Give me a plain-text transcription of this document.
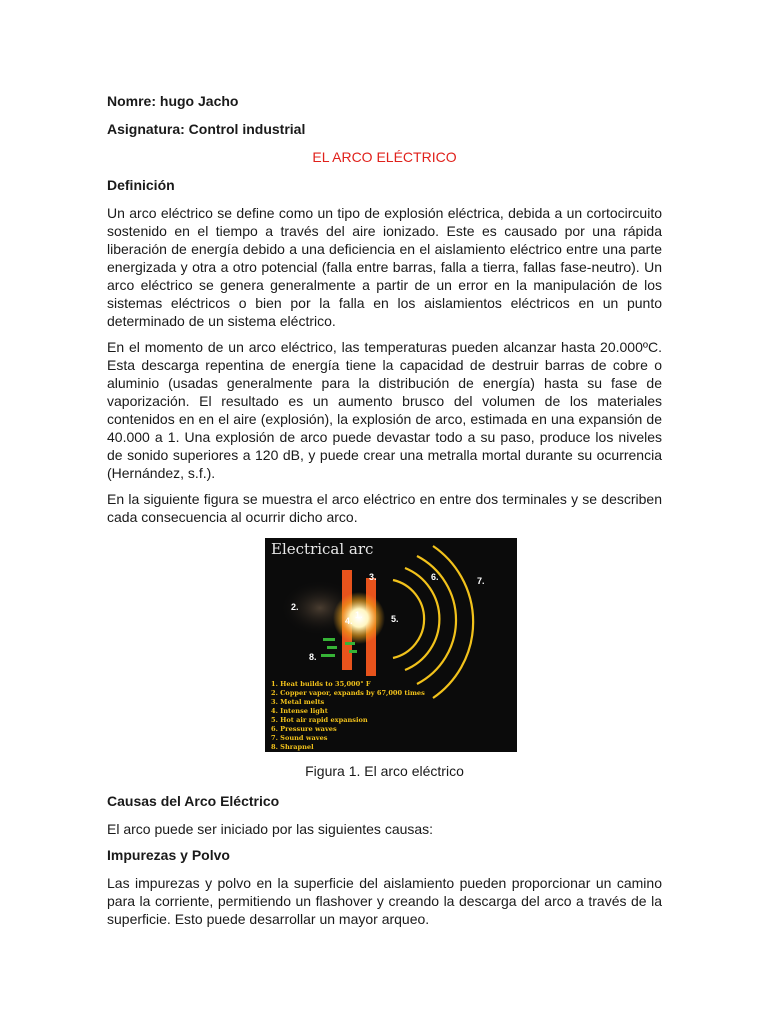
Nomre: hugo Jacho

Asignatura: Control industrial

EL ARCO ELÉCTRICO

Definición

Un arco eléctrico se define como un tipo de explosión eléctrica, debida a un cortocircuito sostenido en el tiempo a través del aire ionizado. Este es causado por una rápida liberación de energía debido a una deficiencia en el aislamiento eléctrico entre una parte energizada y otra a otro potencial (falla entre barras, falla a tierra, fallas fase-neutro). Un arco eléctrico se genera generalmente a partir de un error en la manipulación de los sistemas eléctricos o bien por la falla en los aislamientos eléctricos en un punto determinado de un sistema eléctrico.

En el momento de un arco eléctrico, las temperaturas pueden alcanzar hasta 20.000ºC. Esta descarga repentina de energía tiene la capacidad de destruir barras de cobre o aluminio (usadas generalmente para la distribución de energía) hasta su fase de vaporización. El resultado es un aumento brusco del volumen de los materiales contenidos en en el aire (explosión), la explosión de arco, estimada en una expansión de 40.000 a 1. Una explosión de arco puede devastar todo a su paso, produce los niveles de sonido superiores a 120 dB, y puede crear una metralla mortal durante su ocurrencia (Hernández, s.f.).

En la siguiente figura se muestra el arco eléctrico en entre dos terminales y se describen cada consecuencia al ocurrir dicho arco.

Electrical arc
1.
2.
3.
4.	5.
6.	7.
8.
1. Heat builds to 35,000° F
2. Copper vapor, expands by 67,000 times
3. Metal melts
4. Intense light
5. Hot air rapid expansion
6. Pressure waves
7. Sound waves
8. Shrapnel

Figura 1. El arco eléctrico

Causas del Arco Eléctrico

El arco puede ser iniciado por las siguientes causas:

Impurezas y Polvo

Las impurezas y polvo en la superficie del aislamiento pueden proporcionar un camino para la corriente, permitiendo un flashover y creando la descarga del arco a través de la superficie. Esto puede desarrollar un mayor arqueo.
